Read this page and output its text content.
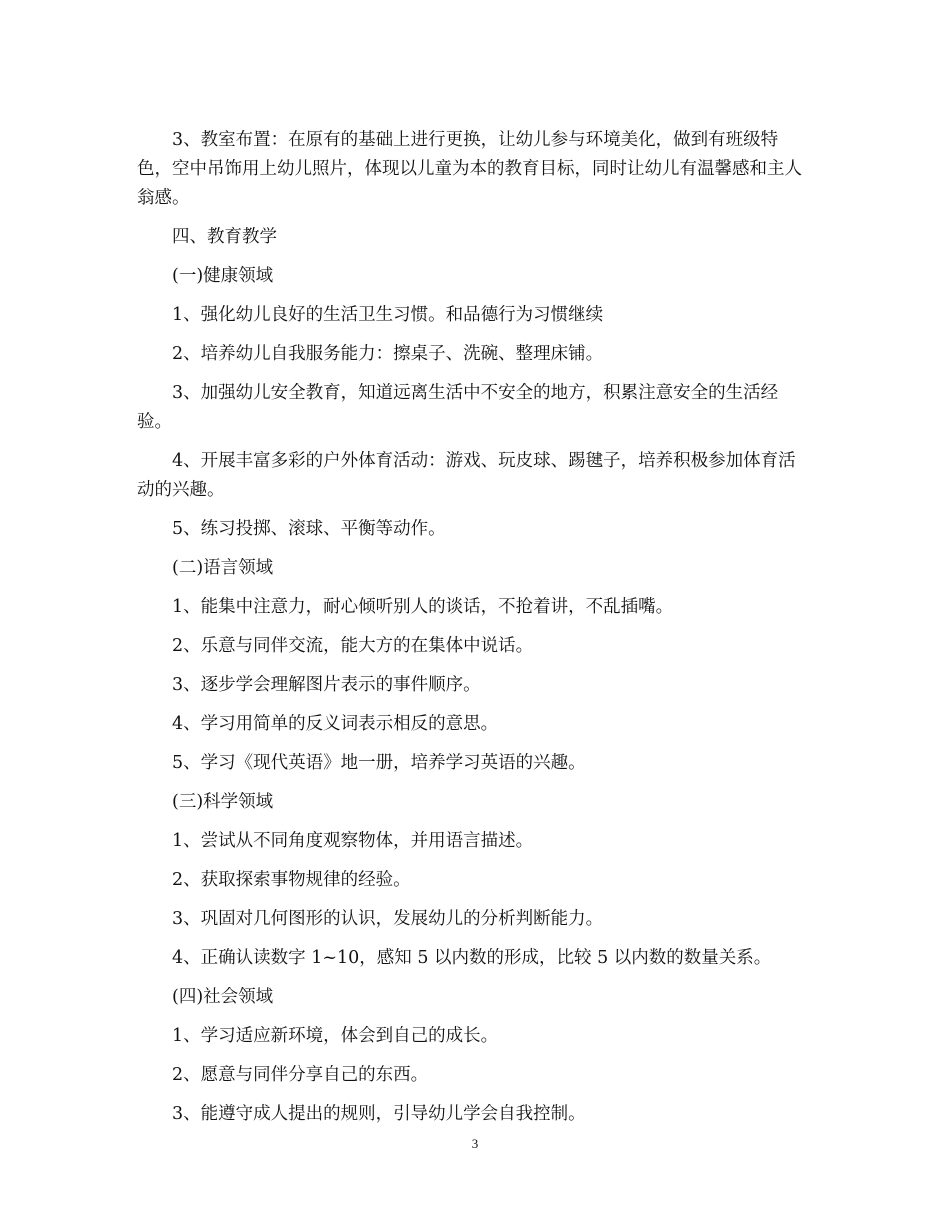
3、教室布置：在原有的基础上进行更换，让幼儿参与环境美化，做到有班级特色，空中吊饰用上幼儿照片，体现以儿童为本的教育目标，同时让幼儿有温馨感和主人翁感。

四、教育教学

(一)健康领域

1、强化幼儿良好的生活卫生习惯。和品德行为习惯继续

2、培养幼儿自我服务能力：擦桌子、洗碗、整理床铺。

3、加强幼儿安全教育，知道远离生活中不安全的地方，积累注意安全的生活经验。

4、开展丰富多彩的户外体育活动：游戏、玩皮球、踢毽子，培养积极参加体育活动的兴趣。

5、练习投掷、滚球、平衡等动作。

(二)语言领域

1、能集中注意力，耐心倾听别人的谈话，不抢着讲，不乱插嘴。

2、乐意与同伴交流，能大方的在集体中说话。

3、逐步学会理解图片表示的事件顺序。

4、学习用简单的反义词表示相反的意思。

5、学习《现代英语》地一册，培养学习英语的兴趣。

(三)科学领域

1、尝试从不同角度观察物体，并用语言描述。

2、获取探索事物规律的经验。

3、巩固对几何图形的认识，发展幼儿的分析判断能力。

4、正确认读数字 1~10，感知 5 以内数的形成，比较 5 以内数的数量关系。

(四)社会领域

1、学习适应新环境，体会到自己的成长。

2、愿意与同伴分享自己的东西。

3、能遵守成人提出的规则，引导幼儿学会自我控制。

3
